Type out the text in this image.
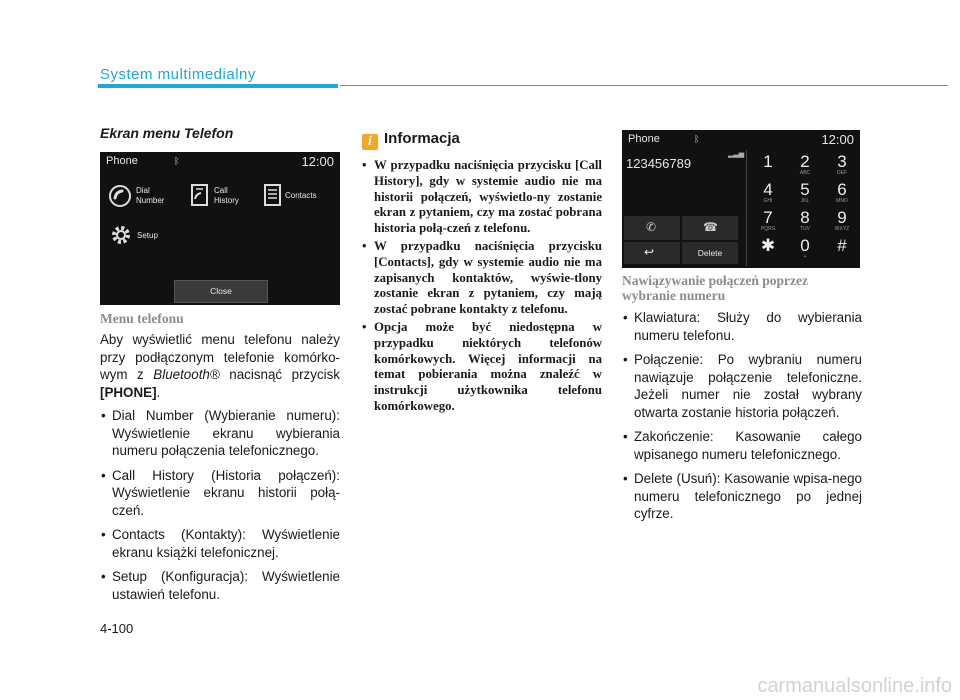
System multimedialny
Ekran menu Telefon
Phone	ᛒ	12:00
Dial
Number
Call
History
Contacts
Setup
Close
Menu telefonu
Aby wyświetlić menu telefonu należy przy podłączonym telefonie komórko-wym z Bluetooth® nacisnąć przycisk [PHONE].
• Dial Number (Wybieranie numeru): Wyświetlenie ekranu wybierania numeru połączenia telefonicznego.
• Call History (Historia połączeń): Wyświetlenie ekranu historii połą-czeń.
• Contacts (Kontakty): Wyświetlenie ekranu książki telefonicznej.
• Setup (Konfiguracja): Wyświetlenie ustawień telefonu.
i Informacja
• W przypadku naciśnięcia przycisku [Call History], gdy w systemie audio nie ma historii połączeń, wyświetlo-ny zostanie ekran z pytaniem, czy ma zostać pobrana historia połą-czeń z telefonu.
• W przypadku naciśnięcia przycisku [Contacts], gdy w systemie audio nie ma zapisanych kontaktów, wyświe-tlony zostanie ekran z pytaniem, czy mają zostać pobrane kontakty z telefonu.
• Opcja może być niedostępna w przypadku niektórych telefonów komórkowych. Więcej informacji na temat pobierania można znaleźć w instrukcji użytkownika telefonu komórkowego.
Phone	ᛒ	12:00
▂▃▅
123456789
↩
✆	☎
Delete
1	2
ABC
3
DEF
4
GHI
5
JKL
6
MNO
7
PQRS
8
TUV
9
WXYZ
✱	0
+
#
Nawiązywanie połączeń poprzez wybranie numeru
• Klawiatura: Służy do wybierania numeru telefonu.
• Połączenie: Po wybraniu numeru nawiązuje połączenie telefoniczne. Jeżeli numer nie został wybrany otwarta zostanie historia połączeń.
• Zakończenie: Kasowanie całego wpisanego numeru telefonicznego.
• Delete (Usuń): Kasowanie wpisa-nego numeru telefonicznego po jednej cyfrze.
4-100
carmanualsonline.info
